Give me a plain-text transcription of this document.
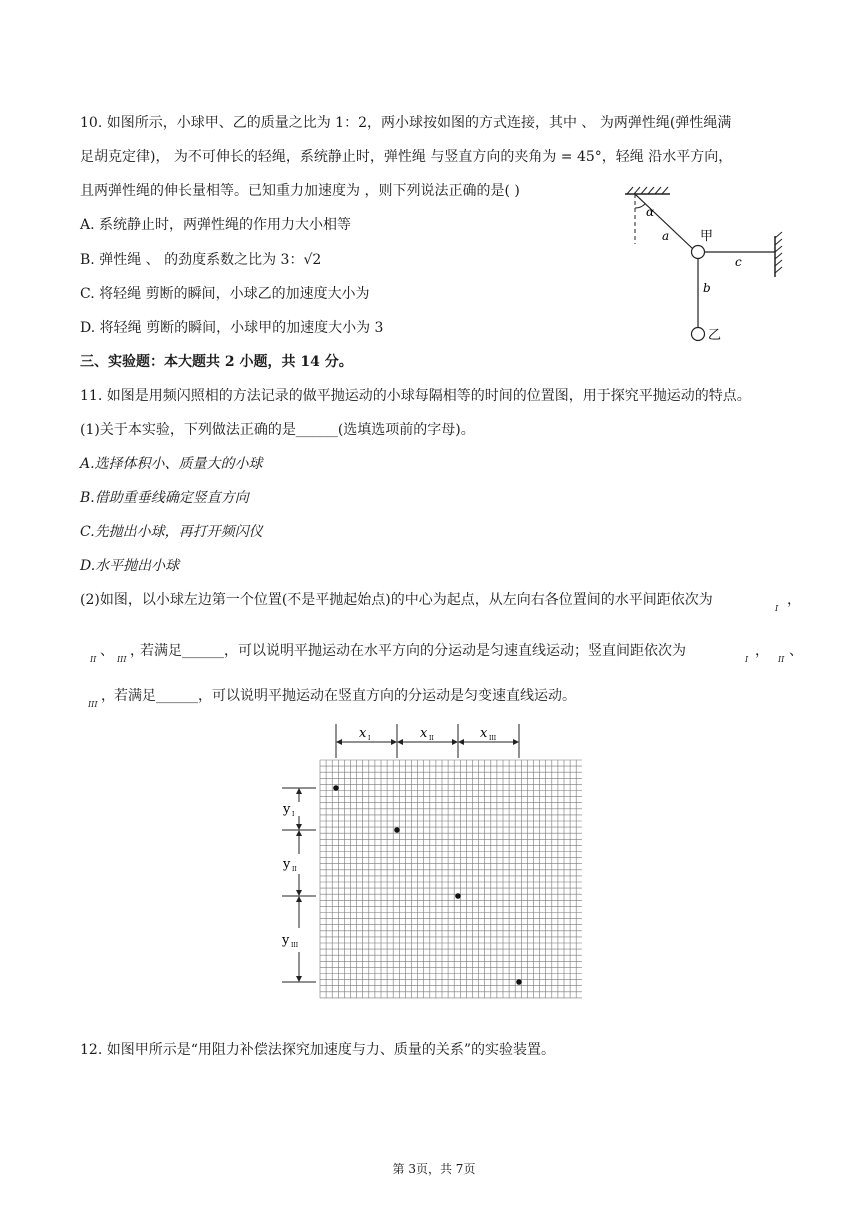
10. 如图所示，小球甲、乙的质量之比为 1：2，两小球按如图的方式连接，其中 、 为两弹性绳(弹性绳满
足胡克定律)， 为不可伸长的轻绳，系统静止时，弹性绳 与竖直方向的夹角为 = 45°，轻绳 沿水平方向，
且两弹性绳的伸长量相等。已知重力加速度为 ，则下列说法正确的是( )
A. 系统静止时，两弹性绳的作用力大小相等
B. 弹性绳 、 的劲度系数之比为 3：√2
C. 将轻绳 剪断的瞬间，小球乙的加速度大小为
D. 将轻绳 剪断的瞬间，小球甲的加速度大小为 3
α
a 甲
c
b
乙
三、实验题：本大题共 2 小题，共 14 分。
11. 如图是用频闪照相的方法记录的做平抛运动的小球每隔相等的时间的位置图，用于探究平抛运动的特点。
(1)关于本实验，下列做法正确的是______(选填选项前的字母)。
A.选择体积小、质量大的小球
B.借助重垂线确定竖直方向
C.先抛出小球，再打开频闪仪
D.水平抛出小球
(2)如图，以小球左边第一个位置(不是平抛起始点)的中心为起点，从左向右各位置间的水平间距依次为
I
，
II
、
III
，
若满足______，可以说明平抛运动在水平方向的分运动是匀速直线运动；竖直间距依次为
I
，
II
、
III
， 若满足______，可以说明平抛运动在竖直方向的分运动是匀变速直线运动。
x I	x II	x III
y I
y II
y III
12. 如图甲所示是“用阻力补偿法探究加速度与力、质量的关系”的实验装置。
第 3页，共 7页
